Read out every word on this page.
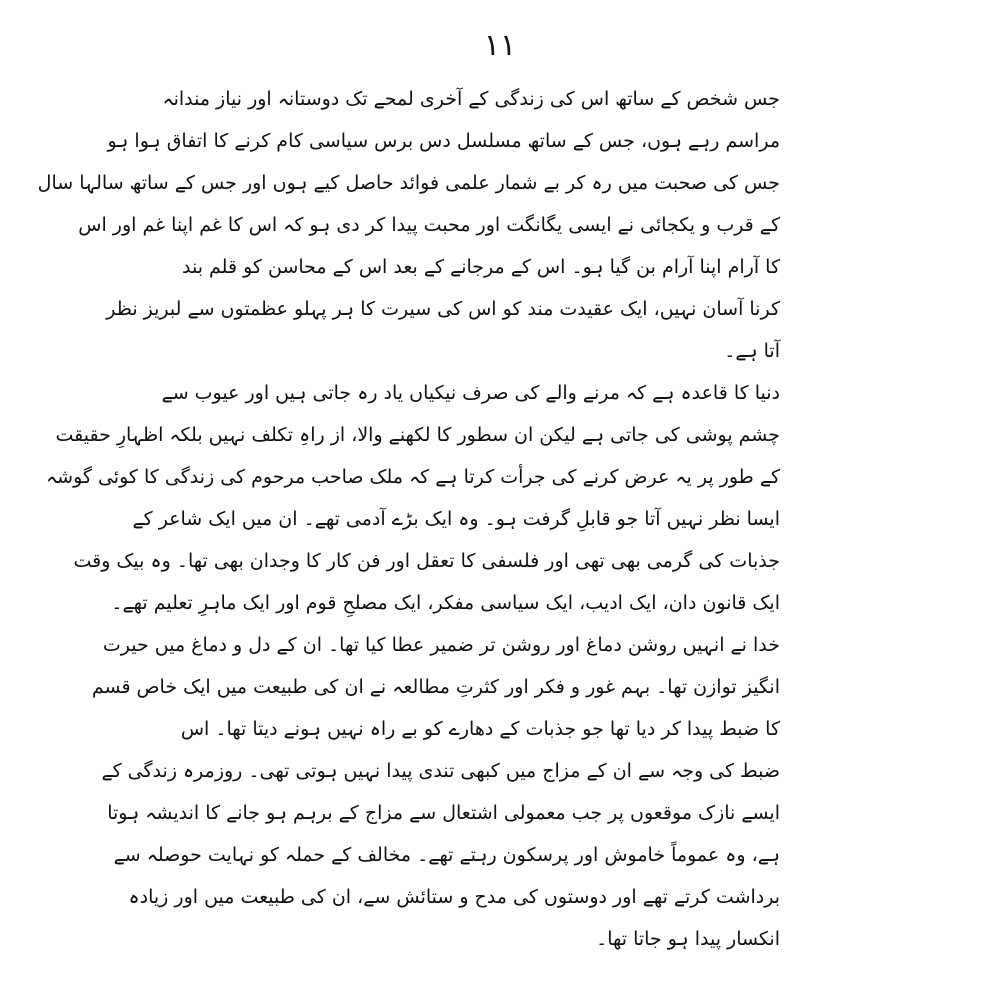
۱۱
جس شخص کے ساتھ اس کی زندگی کے آخری لمحے تک دوستانہ اور نیاز مندانہ
مراسم رہے ہوں، جس کے ساتھ مسلسل دس برس سیاسی کام کرنے کا اتفاق ہوا ہو
جس کی صحبت میں رہ کر بے شمار علمی فوائد حاصل کیے ہوں اور جس کے ساتھ سالہا سال
کے قرب و یکجائی نے ایسی یگانگت اور محبت پیدا کر دی ہو کہ اس کا غم اپنا غم اور اس
کا آرام اپنا آرام بن گیا ہو۔ اس کے مرجانے کے بعد اس کے محاسن کو قلم بند
کرنا آسان نہیں، ایک عقیدت مند کو اس کی سیرت کا ہر پہلو عظمتوں سے لبریز نظر
آتا ہے۔
دنیا کا قاعدہ ہے کہ مرنے والے کی صرف نیکیاں یاد رہ جاتی ہیں اور عیوب سے
چشم پوشی کی جاتی ہے لیکن ان سطور کا لکھنے والا، از راہِ تکلف نہیں بلکہ اظہارِ حقیقت
کے طور پر یہ عرض کرنے کی جرأت کرتا ہے کہ ملک صاحب مرحوم کی زندگی کا کوئی گوشہ
ایسا نظر نہیں آتا جو قابلِ گرفت ہو۔ وہ ایک بڑے آدمی تھے۔ ان میں ایک شاعر کے
جذبات کی گرمی بھی تھی اور فلسفی کا تعقل اور فن کار کا وجدان بھی تھا۔ وہ بیک وقت
ایک قانون دان، ایک ادیب، ایک سیاسی مفکر، ایک مصلحِ قوم اور ایک ماہرِ تعلیم تھے۔
خدا نے انہیں روشن دماغ اور روشن تر ضمیر عطا کیا تھا۔ ان کے دل و دماغ میں حیرت
انگیز توازن تھا۔ بہم غور و فکر اور کثرتِ مطالعہ نے ان کی طبیعت میں ایک خاص قسم
کا ضبط پیدا کر دیا تھا جو جذبات کے دھارے کو بے راہ نہیں ہونے دیتا تھا۔ اس
ضبط کی وجہ سے ان کے مزاج میں کبھی تندی پیدا نہیں ہوتی تھی۔ روزمرہ زندگی کے
ایسے نازک موقعوں پر جب معمولی اشتعال سے مزاج کے برہم ہو جانے کا اندیشہ ہوتا
ہے، وہ عموماً خاموش اور پرسکون رہتے تھے۔ مخالف کے حملہ کو نہایت حوصلہ سے
برداشت کرتے تھے اور دوستوں کی مدح و ستائش سے، ان کی طبیعت میں اور زیادہ
انکسار پیدا ہو جاتا تھا۔
